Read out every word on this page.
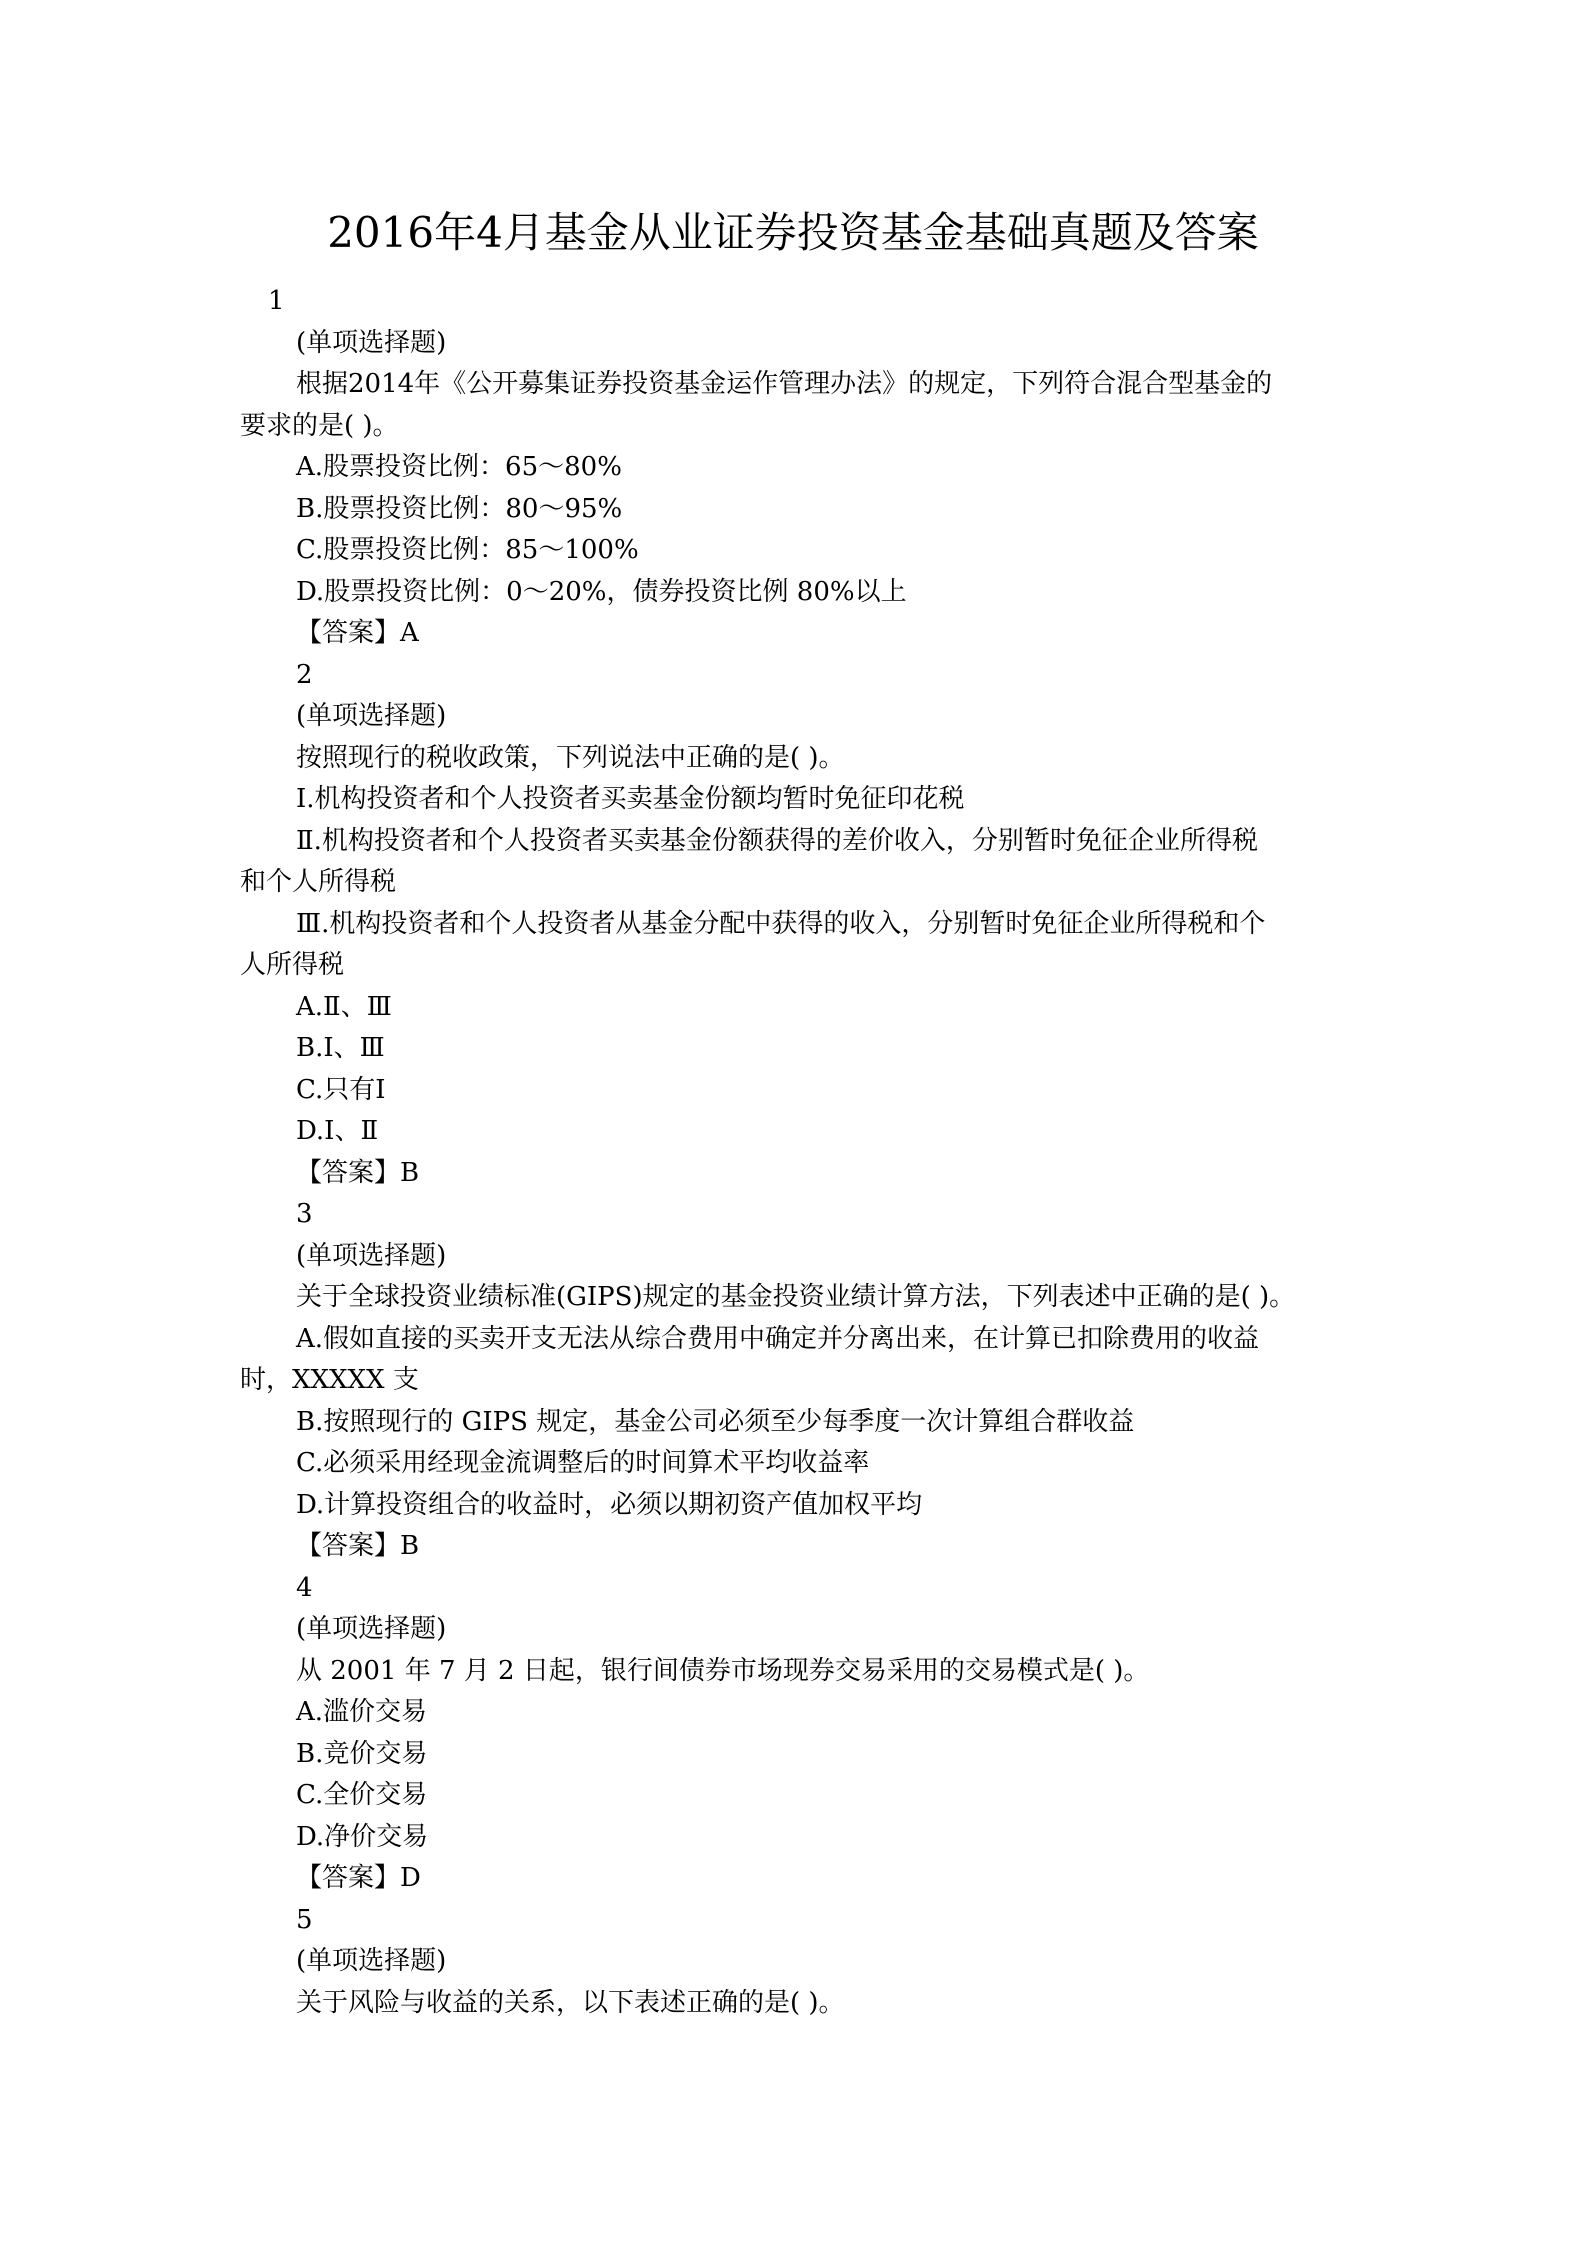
2016年4月基金从业证券投资基金基础真题及答案
1
(单项选择题)
根据2014年《公开募集证券投资基金运作管理办法》的规定，下列符合混合型基金的
要求的是( )。
A.股票投资比例：65～80%
B.股票投资比例：80～95%
C.股票投资比例：85～100%
D.股票投资比例：0～20%，债券投资比例 80%以上
【答案】A
2
(单项选择题)
按照现行的税收政策，下列说法中正确的是( )。
Ⅰ.机构投资者和个人投资者买卖基金份额均暂时免征印花税
Ⅱ.机构投资者和个人投资者买卖基金份额获得的差价收入，分别暂时免征企业所得税
和个人所得税
Ⅲ.机构投资者和个人投资者从基金分配中获得的收入，分别暂时免征企业所得税和个
人所得税
A.Ⅱ、Ⅲ
B.Ⅰ、Ⅲ
C.只有Ⅰ
D.Ⅰ、Ⅱ
【答案】B
3
(单项选择题)
关于全球投资业绩标准(GIPS)规定的基金投资业绩计算方法，下列表述中正确的是( )。
A.假如直接的买卖开支无法从综合费用中确定并分离出来，在计算已扣除费用的收益
时，XXXXX 支
B.按照现行的 GIPS 规定，基金公司必须至少每季度一次计算组合群收益
C.必须采用经现金流调整后的时间算术平均收益率
D.计算投资组合的收益时，必须以期初资产值加权平均
【答案】B
4
(单项选择题)
从 2001 年 7 月 2 日起，银行间债券市场现券交易采用的交易模式是( )。
A.滥价交易
B.竞价交易
C.全价交易
D.净价交易
【答案】D
5
(单项选择题)
关于风险与收益的关系，以下表述正确的是( )。
